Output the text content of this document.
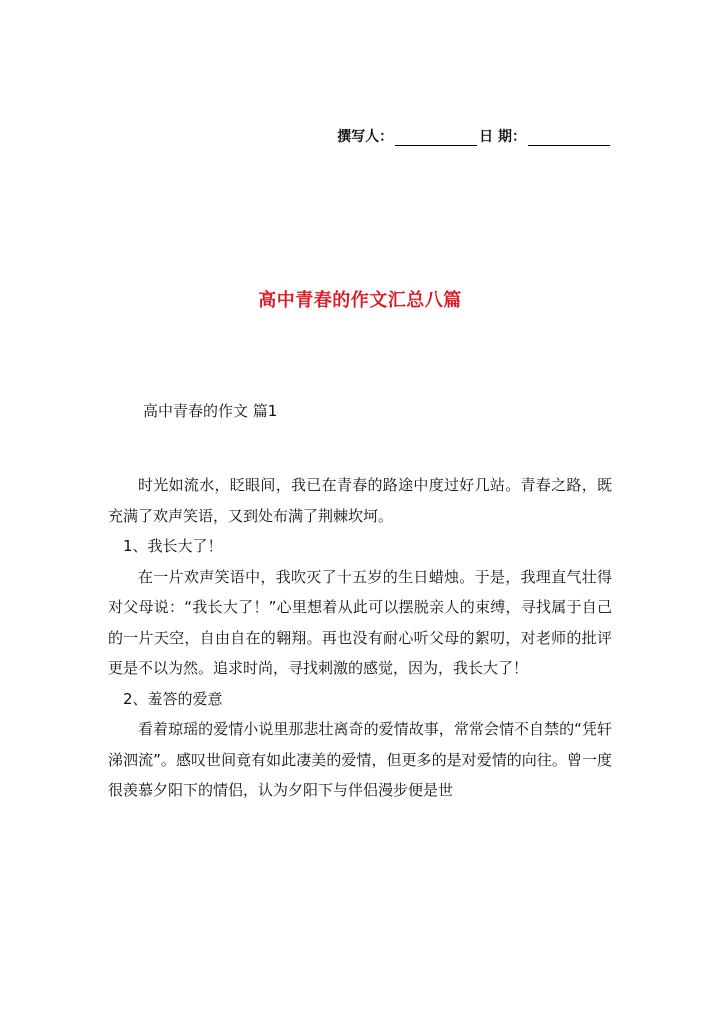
撰写人：	日 期：
高中青春的作文汇总八篇
高中青春的作文 篇1

时光如流水，眨眼间，我已在青春的路途中度过好几站。青春之路，既充满了欢声笑语，又到处布满了荆棘坎坷。

1、我长大了！

在一片欢声笑语中，我吹灭了十五岁的生日蜡烛。于是，我理直气壮得对父母说：“我长大了！”心里想着从此可以摆脱亲人的束缚，寻找属于自己的一片天空，自由自在的翱翔。再也没有耐心听父母的絮叨，对老师的批评更是不以为然。追求时尚，寻找刺激的感觉，因为，我长大了！

2、羞答的爱意

看着琼瑶的爱情小说里那悲壮离奇的爱情故事，常常会情不自禁的“凭轩涕泗流”。感叹世间竟有如此凄美的爱情，但更多的是对爱情的向往。曾一度很羡慕夕阳下的情侣，认为夕阳下与伴侣漫步便是世
